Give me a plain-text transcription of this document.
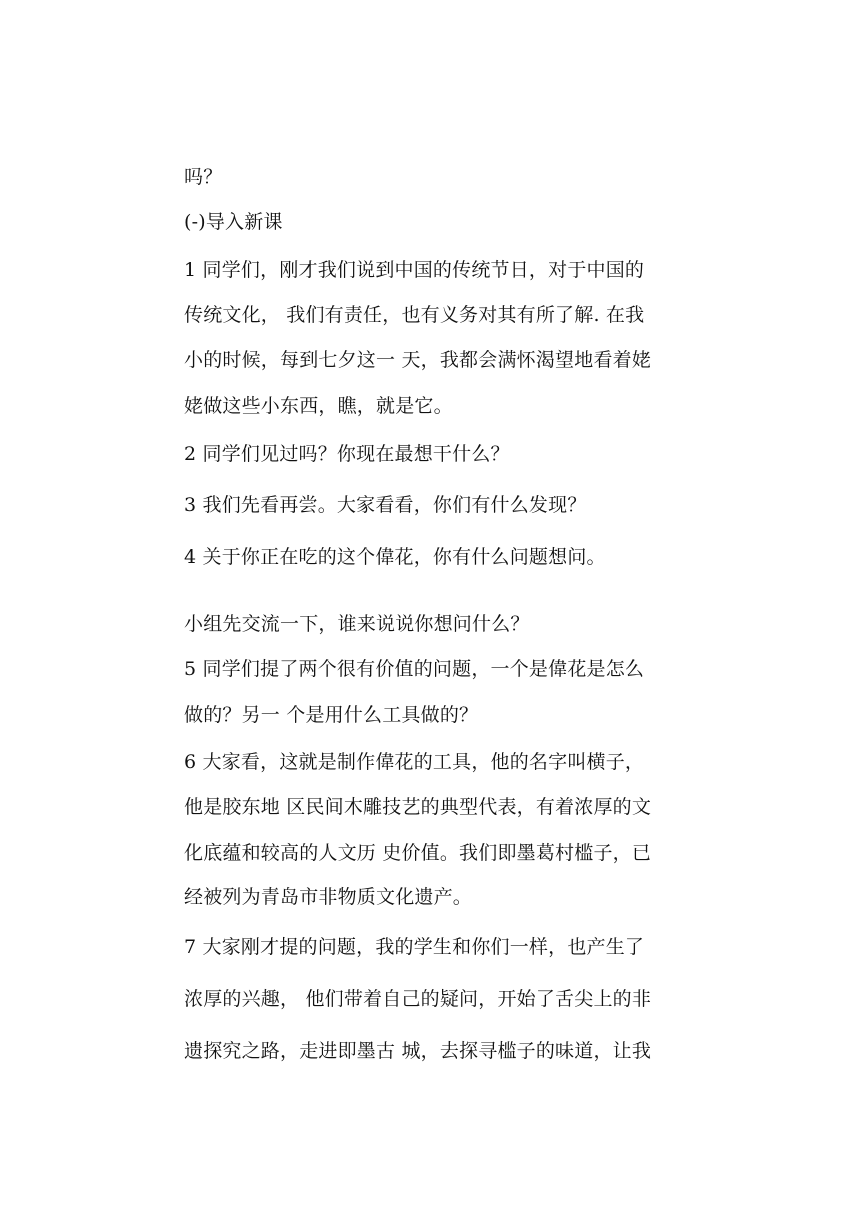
吗？
(-)导入新课
1 同学们，刚才我们说到中国的传统节日，对于中国的
传统文化， 我们有责任，也有义务对其有所了解. 在我
小的时候，每到七夕这一 天，我都会满怀渴望地看着姥
姥做这些小东西，瞧，就是它。
2 同学们见过吗？你现在最想干什么？
3 我们先看再尝。大家看看，你们有什么发现？
4 关于你正在吃的这个偉花，你有什么问题想问。
小组先交流一下，谁来说说你想问什么？
5 同学们提了两个很有价值的问题，一个是偉花是怎么
做的？另一 个是用什么工具做的？
6 大家看，这就是制作偉花的工具，他的名字叫横子，
他是胶东地 区民间木雕技艺的典型代表，有着浓厚的文
化底蕴和较高的人文历 史价值。我们即墨葛村槛子，已
经被列为青岛市非物质文化遗产。
7 大家刚才提的问题，我的学生和你们一样，也产生了
浓厚的兴趣， 他们带着自己的疑问，开始了舌尖上的非
遗探究之路，走进即墨古 城，去探寻槛子的味道，让我
